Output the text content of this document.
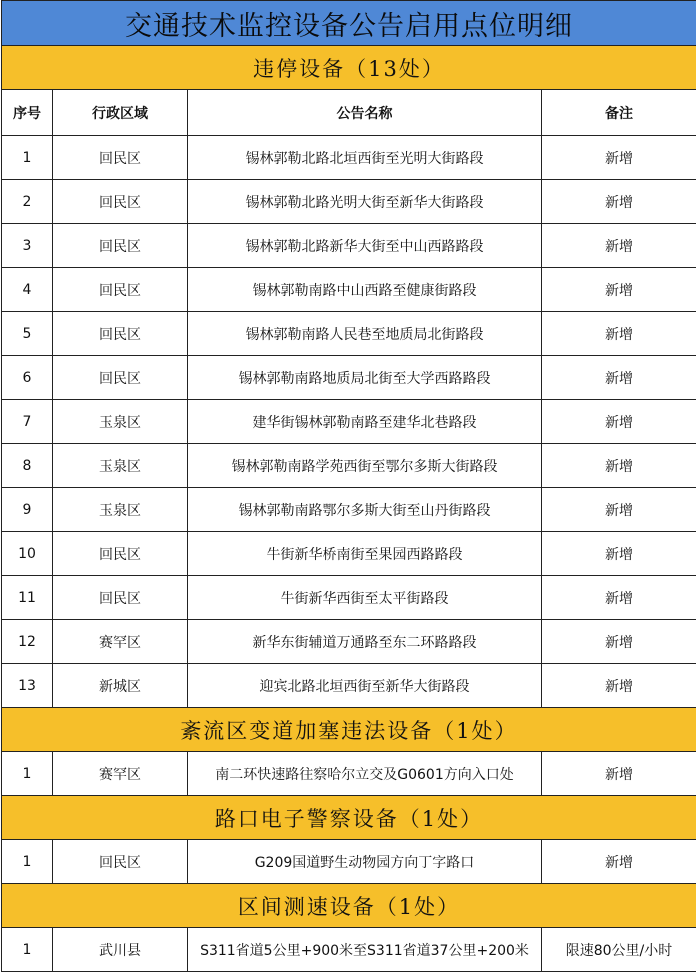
交通技术监控设备公告启用点位明细
违停设备（13处）
序号	行政区域	公告名称	备注
1	回民区	锡林郭勒北路北垣西街至光明大街路段	新增
2	回民区	锡林郭勒北路光明大街至新华大街路段	新增
3	回民区	锡林郭勒北路新华大街至中山西路路段	新增
4	回民区	锡林郭勒南路中山西路至健康街路段	新增
5	回民区	锡林郭勒南路人民巷至地质局北街路段	新增
6	回民区	锡林郭勒南路地质局北街至大学西路路段	新增
7	玉泉区	建华街锡林郭勒南路至建华北巷路段	新增
8	玉泉区	锡林郭勒南路学苑西街至鄂尔多斯大街路段	新增
9	玉泉区	锡林郭勒南路鄂尔多斯大街至山丹街路段	新增
10	回民区	牛街新华桥南街至果园西路路段	新增
11	回民区	牛街新华西街至太平街路段	新增
12	赛罕区	新华东街辅道万通路至东二环路路段	新增
13	新城区	迎宾北路北垣西街至新华大街路段	新增
紊流区变道加塞违法设备（1处）
1	赛罕区	南二环快速路往察哈尔立交及G0601方向入口处	新增
路口电子警察设备（1处）
1	回民区	G209国道野生动物园方向丁字路口	新增
区间测速设备（1处）
1	武川县	S311省道5公里+900米至S311省道37公里+200米	限速80公里/小时
